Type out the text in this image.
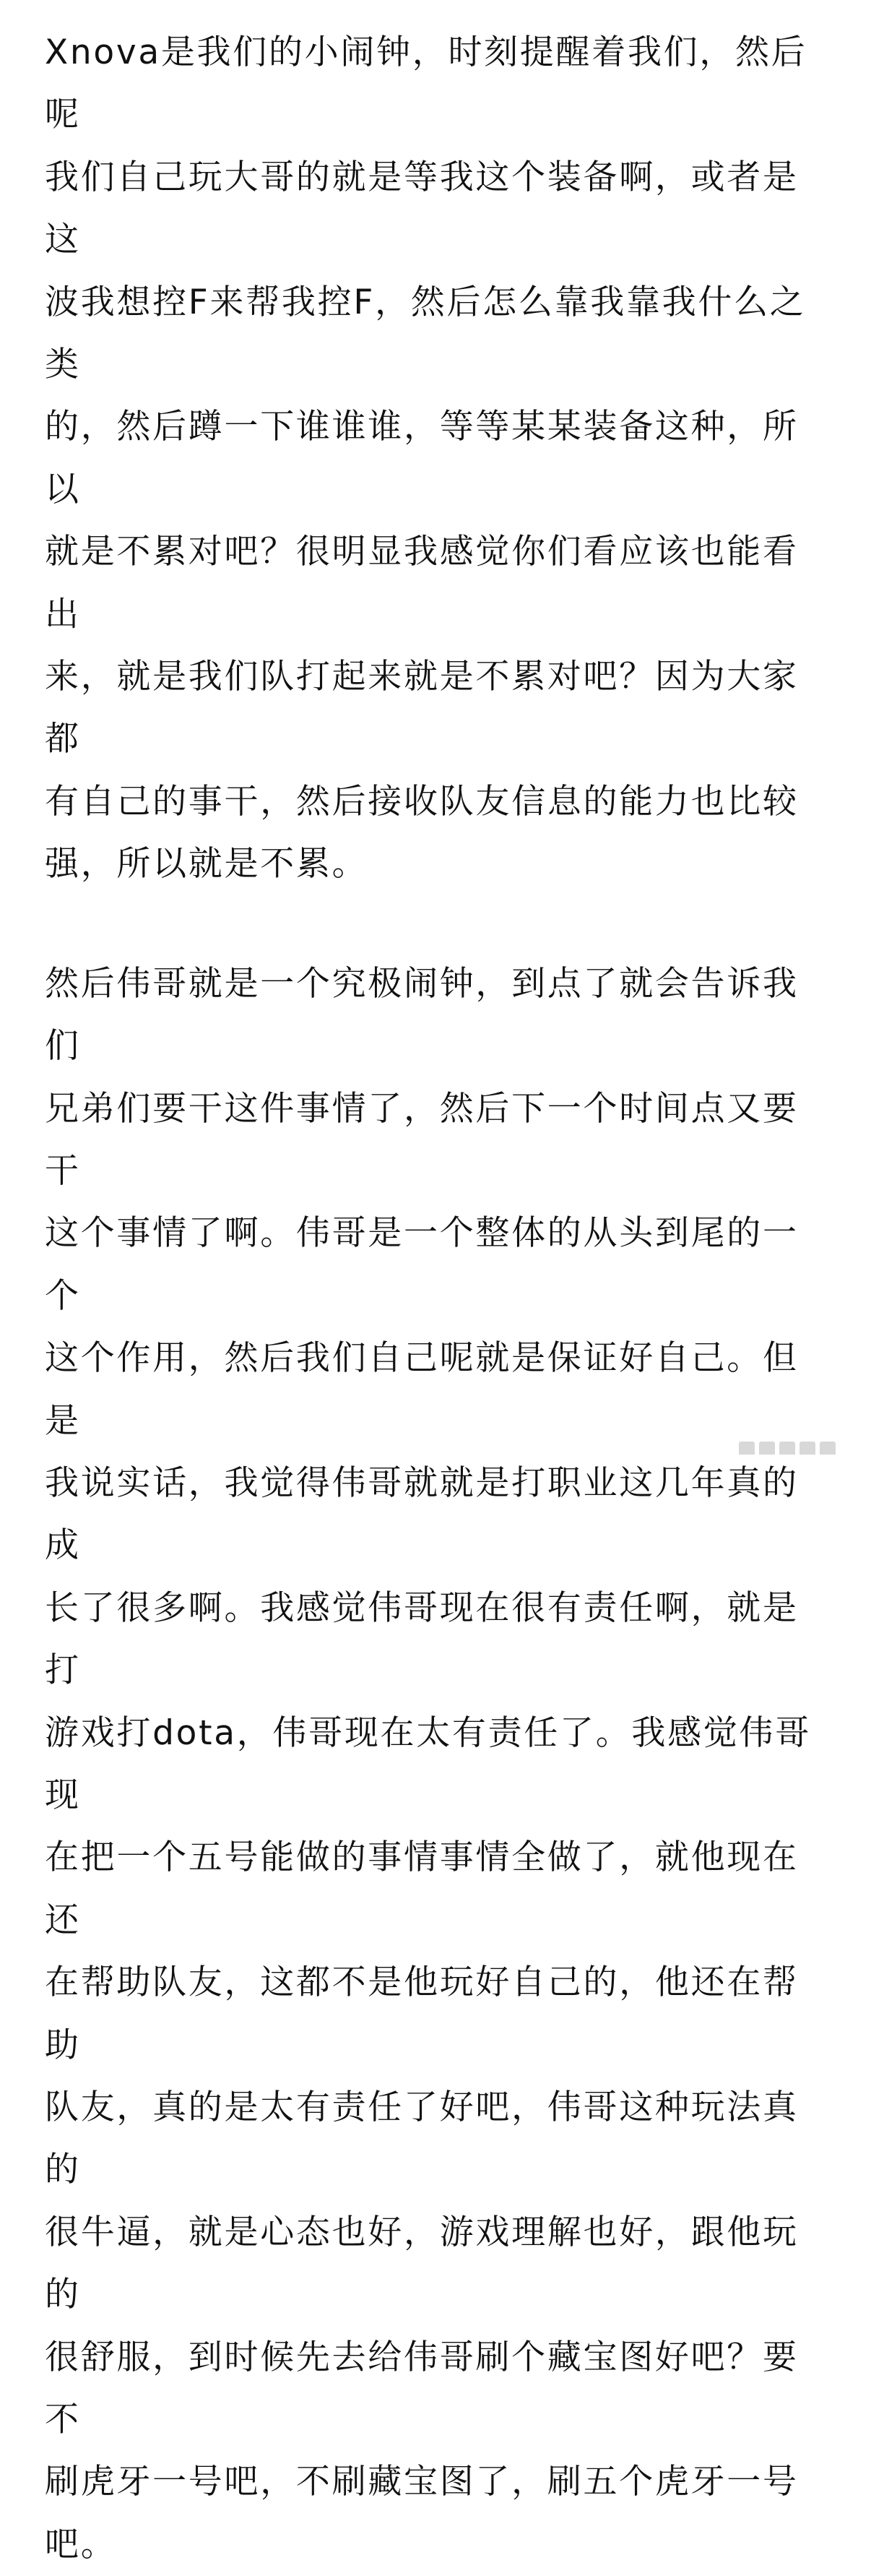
Xnova是我们的小闹钟，时刻提醒着我们，然后呢
我们自己玩大哥的就是等我这个装备啊，或者是这
波我想控F来帮我控F，然后怎么靠我靠我什么之类
的，然后蹲一下谁谁谁，等等某某装备这种，所以
就是不累对吧？很明显我感觉你们看应该也能看出
来，就是我们队打起来就是不累对吧？因为大家都
有自己的事干，然后接收队友信息的能力也比较
强，所以就是不累。

然后伟哥就是一个究极闹钟，到点了就会告诉我们
兄弟们要干这件事情了，然后下一个时间点又要干
这个事情了啊。伟哥是一个整体的从头到尾的一个
这个作用，然后我们自己呢就是保证好自己。但是
我说实话，我觉得伟哥就就是打职业这几年真的成
长了很多啊。我感觉伟哥现在很有责任啊，就是打
游戏打dota，伟哥现在太有责任了。我感觉伟哥现
在把一个五号能做的事情事情全做了，就他现在还
在帮助队友，这都不是他玩好自己的，他还在帮助
队友，真的是太有责任了好吧，伟哥这种玩法真的
很牛逼，就是心态也好，游戏理解也好，跟他玩的
很舒服，到时候先去给伟哥刷个藏宝图好吧？要不
刷虎牙一号吧，不刷藏宝图了，刷五个虎牙一号
吧。
